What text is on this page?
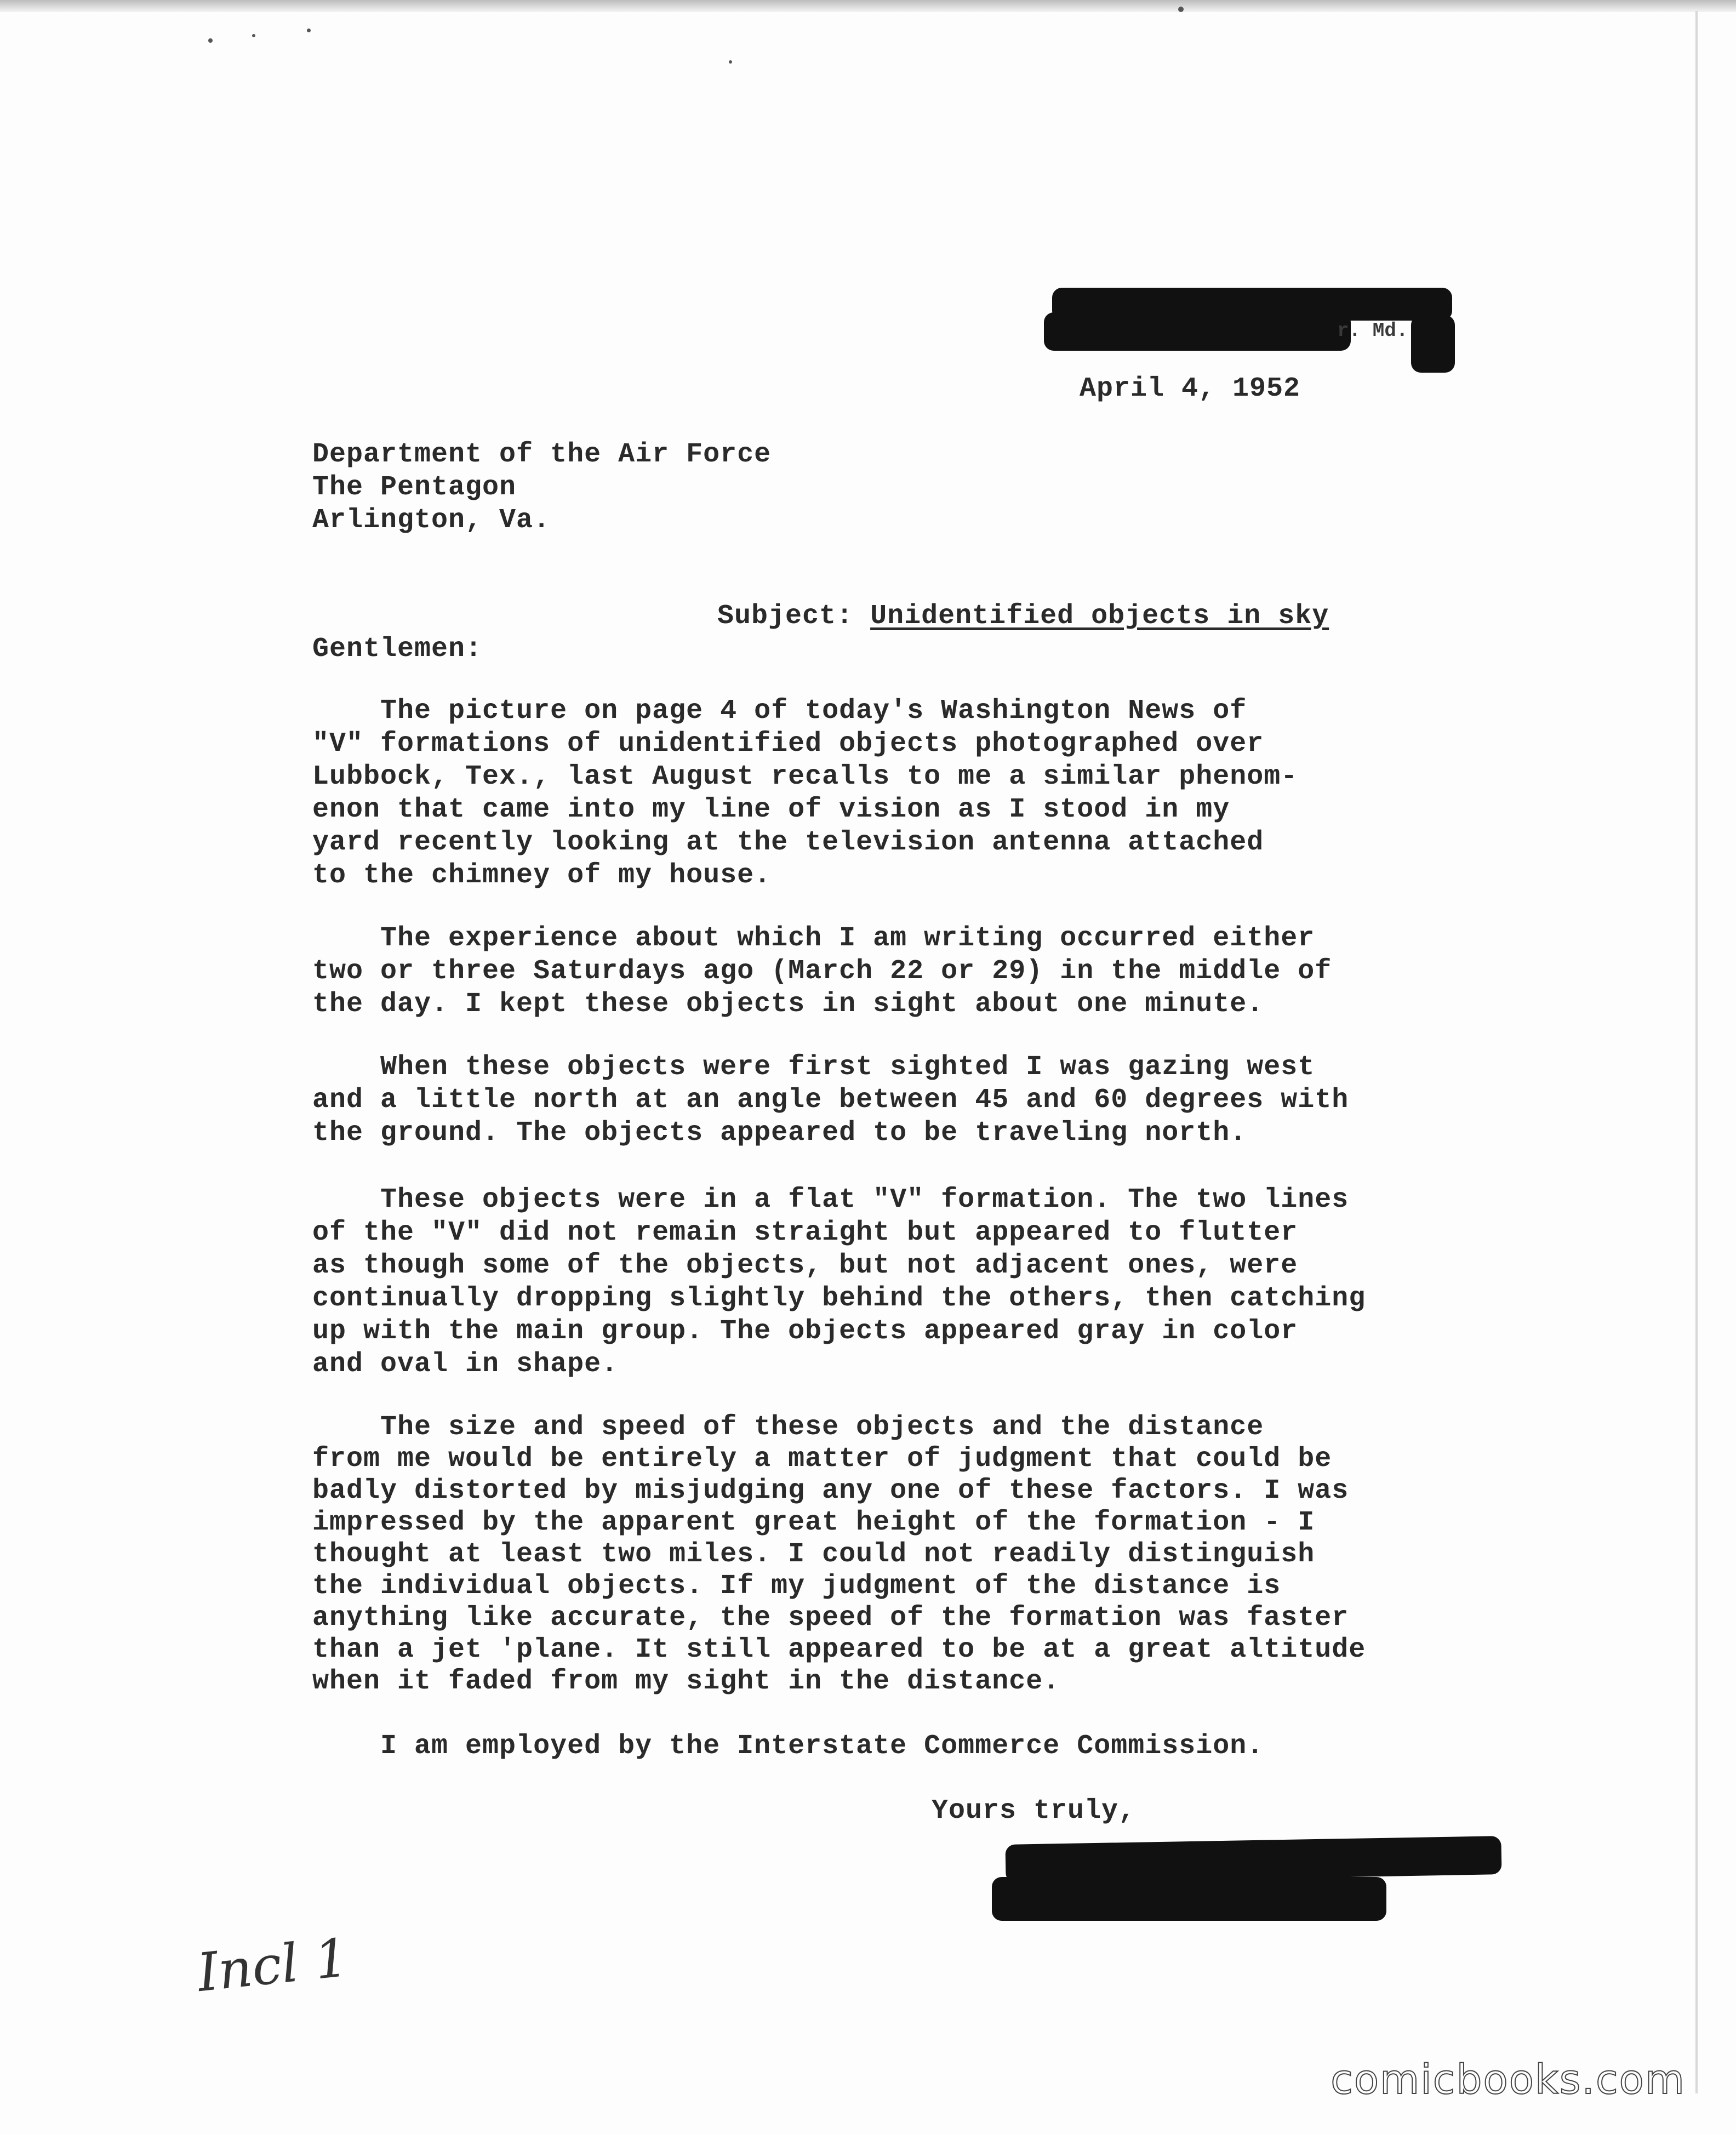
r. Md.
April 4, 1952
Department of the Air Force
The Pentagon
Arlington, Va.

Subject: Unidentified objects in sky

Gentlemen:
The picture on page 4 of today's Washington News of
"V" formations of unidentified objects photographed over
Lubbock, Tex., last August recalls to me a similar phenom-
enon that came into my line of vision as I stood in my
yard recently looking at the television antenna attached
to the chimney of my house.
The experience about which I am writing occurred either
two or three Saturdays ago (March 22 or 29) in the middle of
the day. I kept these objects in sight about one minute.
When these objects were first sighted I was gazing west
and a little north at an angle between 45 and 60 degrees with
the ground. The objects appeared to be traveling north.
These objects were in a flat "V" formation. The two lines
of the "V" did not remain straight but appeared to flutter
as though some of the objects, but not adjacent ones, were
continually dropping slightly behind the others, then catching
up with the main group. The objects appeared gray in color
and oval in shape.
The size and speed of these objects and the distance
from me would be entirely a matter of judgment that could be
badly distorted by misjudging any one of these factors. I was
impressed by the apparent great height of the formation - I
thought at least two miles. I could not readily distinguish
the individual objects. If my judgment of the distance is
anything like accurate, the speed of the formation was faster
than a jet 'plane. It still appeared to be at a great altitude
when it faded from my sight in the distance.
I am employed by the Interstate Commerce Commission.
Yours truly,
Incl 1
comicbooks.com
